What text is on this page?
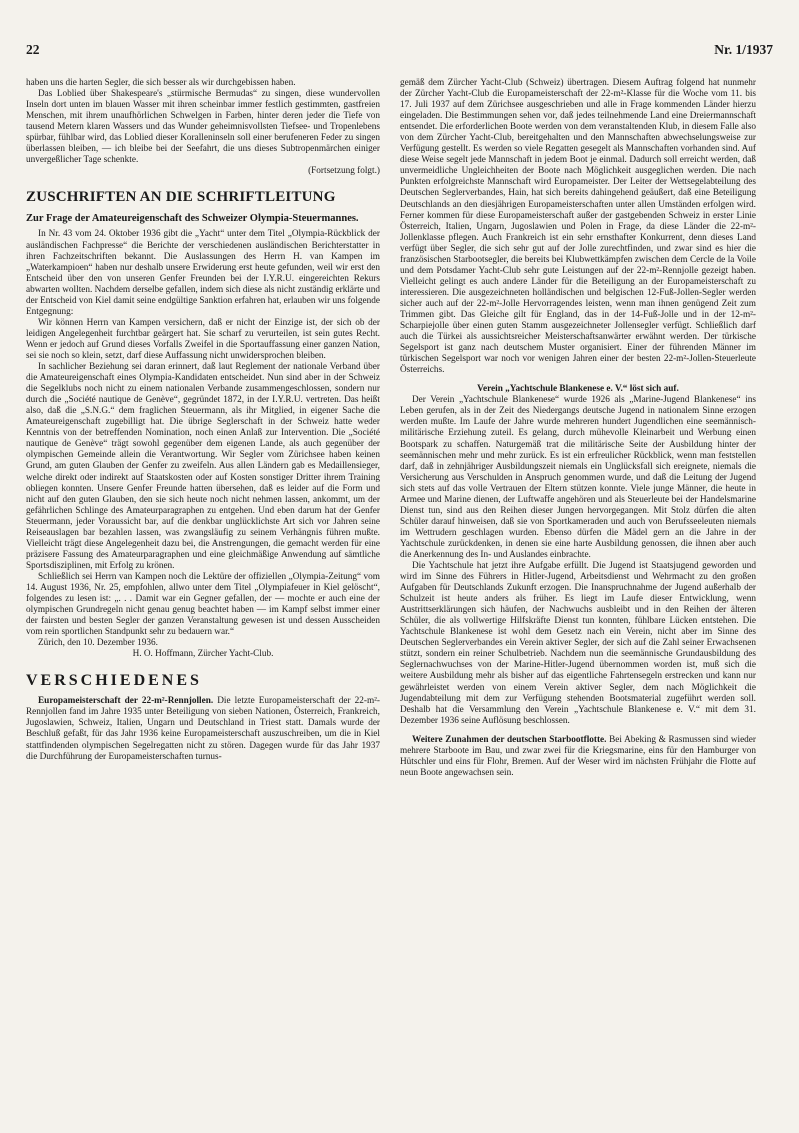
22	Nr. 1/1937

haben uns die harten Segler, die sich besser als wir durchgebissen haben.

Das Loblied über Shakespeare's „stürmische Bermudas“ zu singen, diese wundervollen Inseln dort unten im blauen Wasser mit ihren scheinbar immer festlich gestimmten, gastfreien Menschen, mit ihrem unaufhörlichen Schwelgen in Farben, hinter deren jeder die Tiefe von tausend Metern klaren Wassers und das Wunder geheimnisvollsten Tiefsee- und Tropenlebens spürbar, fühlbar wird, das Loblied dieser Koralleninseln soll einer berufeneren Feder zu singen überlassen bleiben, — ich bleibe bei der Seefahrt, die uns dieses Subtropenmärchen einiger unvergeßlicher Tage schenkte.

(Fortsetzung folgt.)

ZUSCHRIFTEN AN DIE SCHRIFTLEITUNG
Zur Frage der Amateureigenschaft des Schweizer Olympia-Steuermannes.

In Nr. 43 vom 24. Oktober 1936 gibt die „Yacht“ unter dem Titel „Olympia-Rückblick der ausländischen Fachpresse“ die Berichte der verschiedenen ausländischen Berichterstatter in ihren Fachzeitschriften bekannt. Die Auslassungen des Herrn H. van Kampen im „Waterkampioen“ haben nur deshalb unsere Erwiderung erst heute gefunden, weil wir erst den Entscheid über den von unseren Genfer Freunden bei der I.Y.R.U. eingereichten Rekurs abwarten wollten. Nachdem derselbe gefallen, indem sich diese als nicht zuständig erklärte und der Entscheid von Kiel damit seine endgültige Sanktion erfahren hat, erlauben wir uns folgende Entgegnung:

Wir können Herrn van Kampen versichern, daß er nicht der Einzige ist, der sich ob der leidigen Angelegenheit furchtbar geärgert hat. Sie scharf zu verurteilen, ist sein gutes Recht. Wenn er jedoch auf Grund dieses Vorfalls Zweifel in die Sportauffassung einer ganzen Nation, sei sie noch so klein, setzt, darf diese Auffassung nicht unwidersprochen bleiben.

In sachlicher Beziehung sei daran erinnert, daß laut Reglement der nationale Verband über die Amateureigenschaft eines Olympia-Kandidaten entscheidet. Nun sind aber in der Schweiz die Segelklubs noch nicht zu einem nationalen Verbande zusammengeschlossen, sondern nur durch die „Société nautique de Genève“, gegründet 1872, in der I.Y.R.U. vertreten. Das heißt also, daß die „S.N.G.“ dem fraglichen Steuermann, als ihr Mitglied, in eigener Sache die Amateureigenschaft zugebilligt hat. Die übrige Seglerschaft in der Schweiz hatte weder Kenntnis von der betreffenden Nomination, noch einen Anlaß zur Intervention. Die „Société nautique de Genève“ trägt sowohl gegenüber dem eigenen Lande, als auch gegenüber der olympischen Gemeinde allein die Verantwortung. Wir Segler vom Zürichsee haben keinen Grund, am guten Glauben der Genfer zu zweifeln. Aus allen Ländern gab es Medaillensieger, welche direkt oder indirekt auf Staatskosten oder auf Kosten sonstiger Dritter ihrem Training obliegen konnten. Unsere Genfer Freunde hatten übersehen, daß es leider auf die Form und nicht auf den guten Glauben, den sie sich heute noch nicht nehmen lassen, ankommt, um der gefährlichen Schlinge des Amateurparagraphen zu entgehen. Und eben darum hat der Genfer Steuermann, jeder Voraussicht bar, auf die denkbar unglücklichste Art sich vor Jahren seine Reiseauslagen bar bezahlen lassen, was zwangsläufig zu seinem Verhängnis führen mußte. Vielleicht trägt diese Angelegenheit dazu bei, die Anstrengungen, die gemacht werden für eine präzisere Fassung des Amateurparagraphen und eine gleichmäßige Anwendung auf sämtliche Sportsdisziplinen, mit Erfolg zu krönen.

Schließlich sei Herrn van Kampen noch die Lektüre der offiziellen „Olympia-Zeitung“ vom 14. August 1936, Nr. 25, empfohlen, allwo unter dem Titel „Olympiafeuer in Kiel gelöscht“, folgendes zu lesen ist: „. . . Damit war ein Gegner gefallen, der — mochte er auch eine der olympischen Grundregeln nicht genau genug beachtet haben — im Kampf selbst immer einer der fairsten und besten Segler der ganzen Veranstaltung gewesen ist und dessen Ausscheiden vom rein sportlichen Standpunkt sehr zu bedauern war.“

Zürich, den 10. Dezember 1936.

H. O. Hoffmann, Zürcher Yacht-Club.

VERSCHIEDENES

Europameisterschaft der 22-m²-Rennjollen. Die letzte Europameisterschaft der 22-m²-Rennjollen fand im Jahre 1935 unter Beteiligung von sieben Nationen, Österreich, Frankreich, Jugoslawien, Schweiz, Italien, Ungarn und Deutschland in Triest statt. Damals wurde der Beschluß gefaßt, für das Jahr 1936 keine Europameisterschaft auszuschreiben, um die in Kiel stattfindenden olympischen Segelregatten nicht zu stören. Dagegen wurde für das Jahr 1937 die Durchführung der Europameisterschaften turnus-

gemäß dem Zürcher Yacht-Club (Schweiz) übertragen. Diesem Auftrag folgend hat nunmehr der Zürcher Yacht-Club die Europameisterschaft der 22-m²-Klasse für die Woche vom 11. bis 17. Juli 1937 auf dem Zürichsee ausgeschrieben und alle in Frage kommenden Länder hierzu eingeladen. Die Bestimmungen sehen vor, daß jedes teilnehmende Land eine Dreiermannschaft entsendet. Die erforderlichen Boote werden von dem veranstaltenden Klub, in diesem Falle also von dem Zürcher Yacht-Club, bereitgehalten und den Mannschaften abwechselungsweise zur Verfügung gestellt. Es werden so viele Regatten gesegelt als Mannschaften vorhanden sind. Auf diese Weise segelt jede Mannschaft in jedem Boot je einmal. Dadurch soll erreicht werden, daß unvermeidliche Ungleichheiten der Boote nach Möglichkeit ausgeglichen werden. Die nach Punkten erfolgreichste Mannschaft wird Europameister. Der Leiter der Wettsegelabteilung des Deutschen Seglerverbandes, Hain, hat sich bereits dahingehend geäußert, daß eine Beteiligung Deutschlands an den diesjährigen Europameisterschaften unter allen Umständen erfolgen wird. Ferner kommen für diese Europameisterschaft außer der gastgebenden Schweiz in erster Linie Österreich, Italien, Ungarn, Jugoslawien und Polen in Frage, da diese Länder die 22-m²-Jollenklasse pflegen. Auch Frankreich ist ein sehr ernsthafter Konkurrent, denn dieses Land verfügt über Segler, die sich sehr gut auf der Jolle zurechtfinden, und zwar sind es hier die französischen Starbootsegler, die bereits bei Klubwettkämpfen zwischen dem Cercle de la Voile und dem Potsdamer Yacht-Club sehr gute Leistungen auf der 22-m²-Rennjolle gezeigt haben. Vielleicht gelingt es auch andere Länder für die Beteiligung an der Europameisterschaft zu interessieren. Die ausgezeichneten holländischen und belgischen 12-Fuß-Jollen-Segler werden sicher auch auf der 22-m²-Jolle Hervorragendes leisten, wenn man ihnen genügend Zeit zum Trimmen gibt. Das Gleiche gilt für England, das in der 14-Fuß-Jolle und in der 12-m²-Scharpiejolle über einen guten Stamm ausgezeichneter Jollensegler verfügt. Schließlich darf auch die Türkei als aussichtsreicher Meisterschaftsanwärter erwähnt werden. Der türkische Segelsport ist ganz nach deutschem Muster organisiert. Einer der führenden Männer im türkischen Segelsport war noch vor wenigen Jahren einer der besten 22-m²-Jollen-Steuerleute Österreichs.

Verein „Yachtschule Blankenese e. V.“ löst sich auf.

Der Verein „Yachtschule Blankenese“ wurde 1926 als „Marine-Jugend Blankenese“ ins Leben gerufen, als in der Zeit des Niedergangs deutsche Jugend in nationalem Sinne erzogen werden mußte. Im Laufe der Jahre wurde mehreren hundert Jugendlichen eine seemännisch-militärische Erziehung zuteil. Es gelang, durch mühevolle Kleinarbeit und Werbung einen Bootspark zu schaffen. Naturgemäß trat die militärische Seite der Ausbildung hinter der seemännischen mehr und mehr zurück. Es ist ein erfreulicher Rückblick, wenn man feststellen darf, daß in zehnjähriger Ausbildungszeit niemals ein Unglücksfall sich ereignete, niemals die Versicherung aus Verschulden in Anspruch genommen wurde, und daß die Leitung der Jugend sich stets auf das volle Vertrauen der Eltern stützen konnte. Viele junge Männer, die heute in Armee und Marine dienen, der Luftwaffe angehören und als Steuerleute bei der Handelsmarine Dienst tun, sind aus den Reihen dieser Jungen hervorgegangen. Mit Stolz dürfen die alten Schüler darauf hinweisen, daß sie von Sportkameraden und auch von Berufsseeleuten niemals im Wettrudern geschlagen wurden. Ebenso dürfen die Mädel gern an die Jahre in der Yachtschule zurückdenken, in denen sie eine harte Ausbildung genossen, die ihnen aber auch die Anerkennung des In- und Auslandes einbrachte.

Die Yachtschule hat jetzt ihre Aufgabe erfüllt. Die Jugend ist Staatsjugend geworden und wird im Sinne des Führers in Hitler-Jugend, Arbeitsdienst und Wehrmacht zu den großen Aufgaben für Deutschlands Zukunft erzogen. Die Inanspruchnahme der Jugend außerhalb der Schulzeit ist heute anders als früher. Es liegt im Laufe dieser Entwicklung, wenn Austrittserklärungen sich häufen, der Nachwuchs ausbleibt und in den Reihen der älteren Schüler, die als vollwertige Hilfskräfte Dienst tun konnten, fühlbare Lücken entstehen. Die Yachtschule Blankenese ist wohl dem Gesetz nach ein Verein, nicht aber im Sinne des Deutschen Seglerverbandes ein Verein aktiver Segler, der sich auf die Zahl seiner Erwachsenen stützt, sondern ein reiner Schulbetrieb. Nachdem nun die seemännische Grundausbildung des Seglernachwuchses von der Marine-Hitler-Jugend übernommen worden ist, muß sich die weitere Ausbildung mehr als bisher auf das eigentliche Fahrtensegeln erstrecken und kann nur gewährleistet werden von einem Verein aktiver Segler, dem nach Möglichkeit die Jugendabteilung mit dem zur Verfügung stehenden Bootsmaterial zugeführt werden soll. Deshalb hat die Versammlung den Verein „Yachtschule Blankenese e. V.“ mit dem 31. Dezember 1936 seine Auflösung beschlossen.

Weitere Zunahmen der deutschen Starbootflotte. Bei Abeking & Rasmussen sind wieder mehrere Starboote im Bau, und zwar zwei für die Kriegsmarine, eins für den Hamburger von Hütschler und eins für Flohr, Bremen. Auf der Weser wird im nächsten Frühjahr die Flotte auf neun Boote angewachsen sein.
